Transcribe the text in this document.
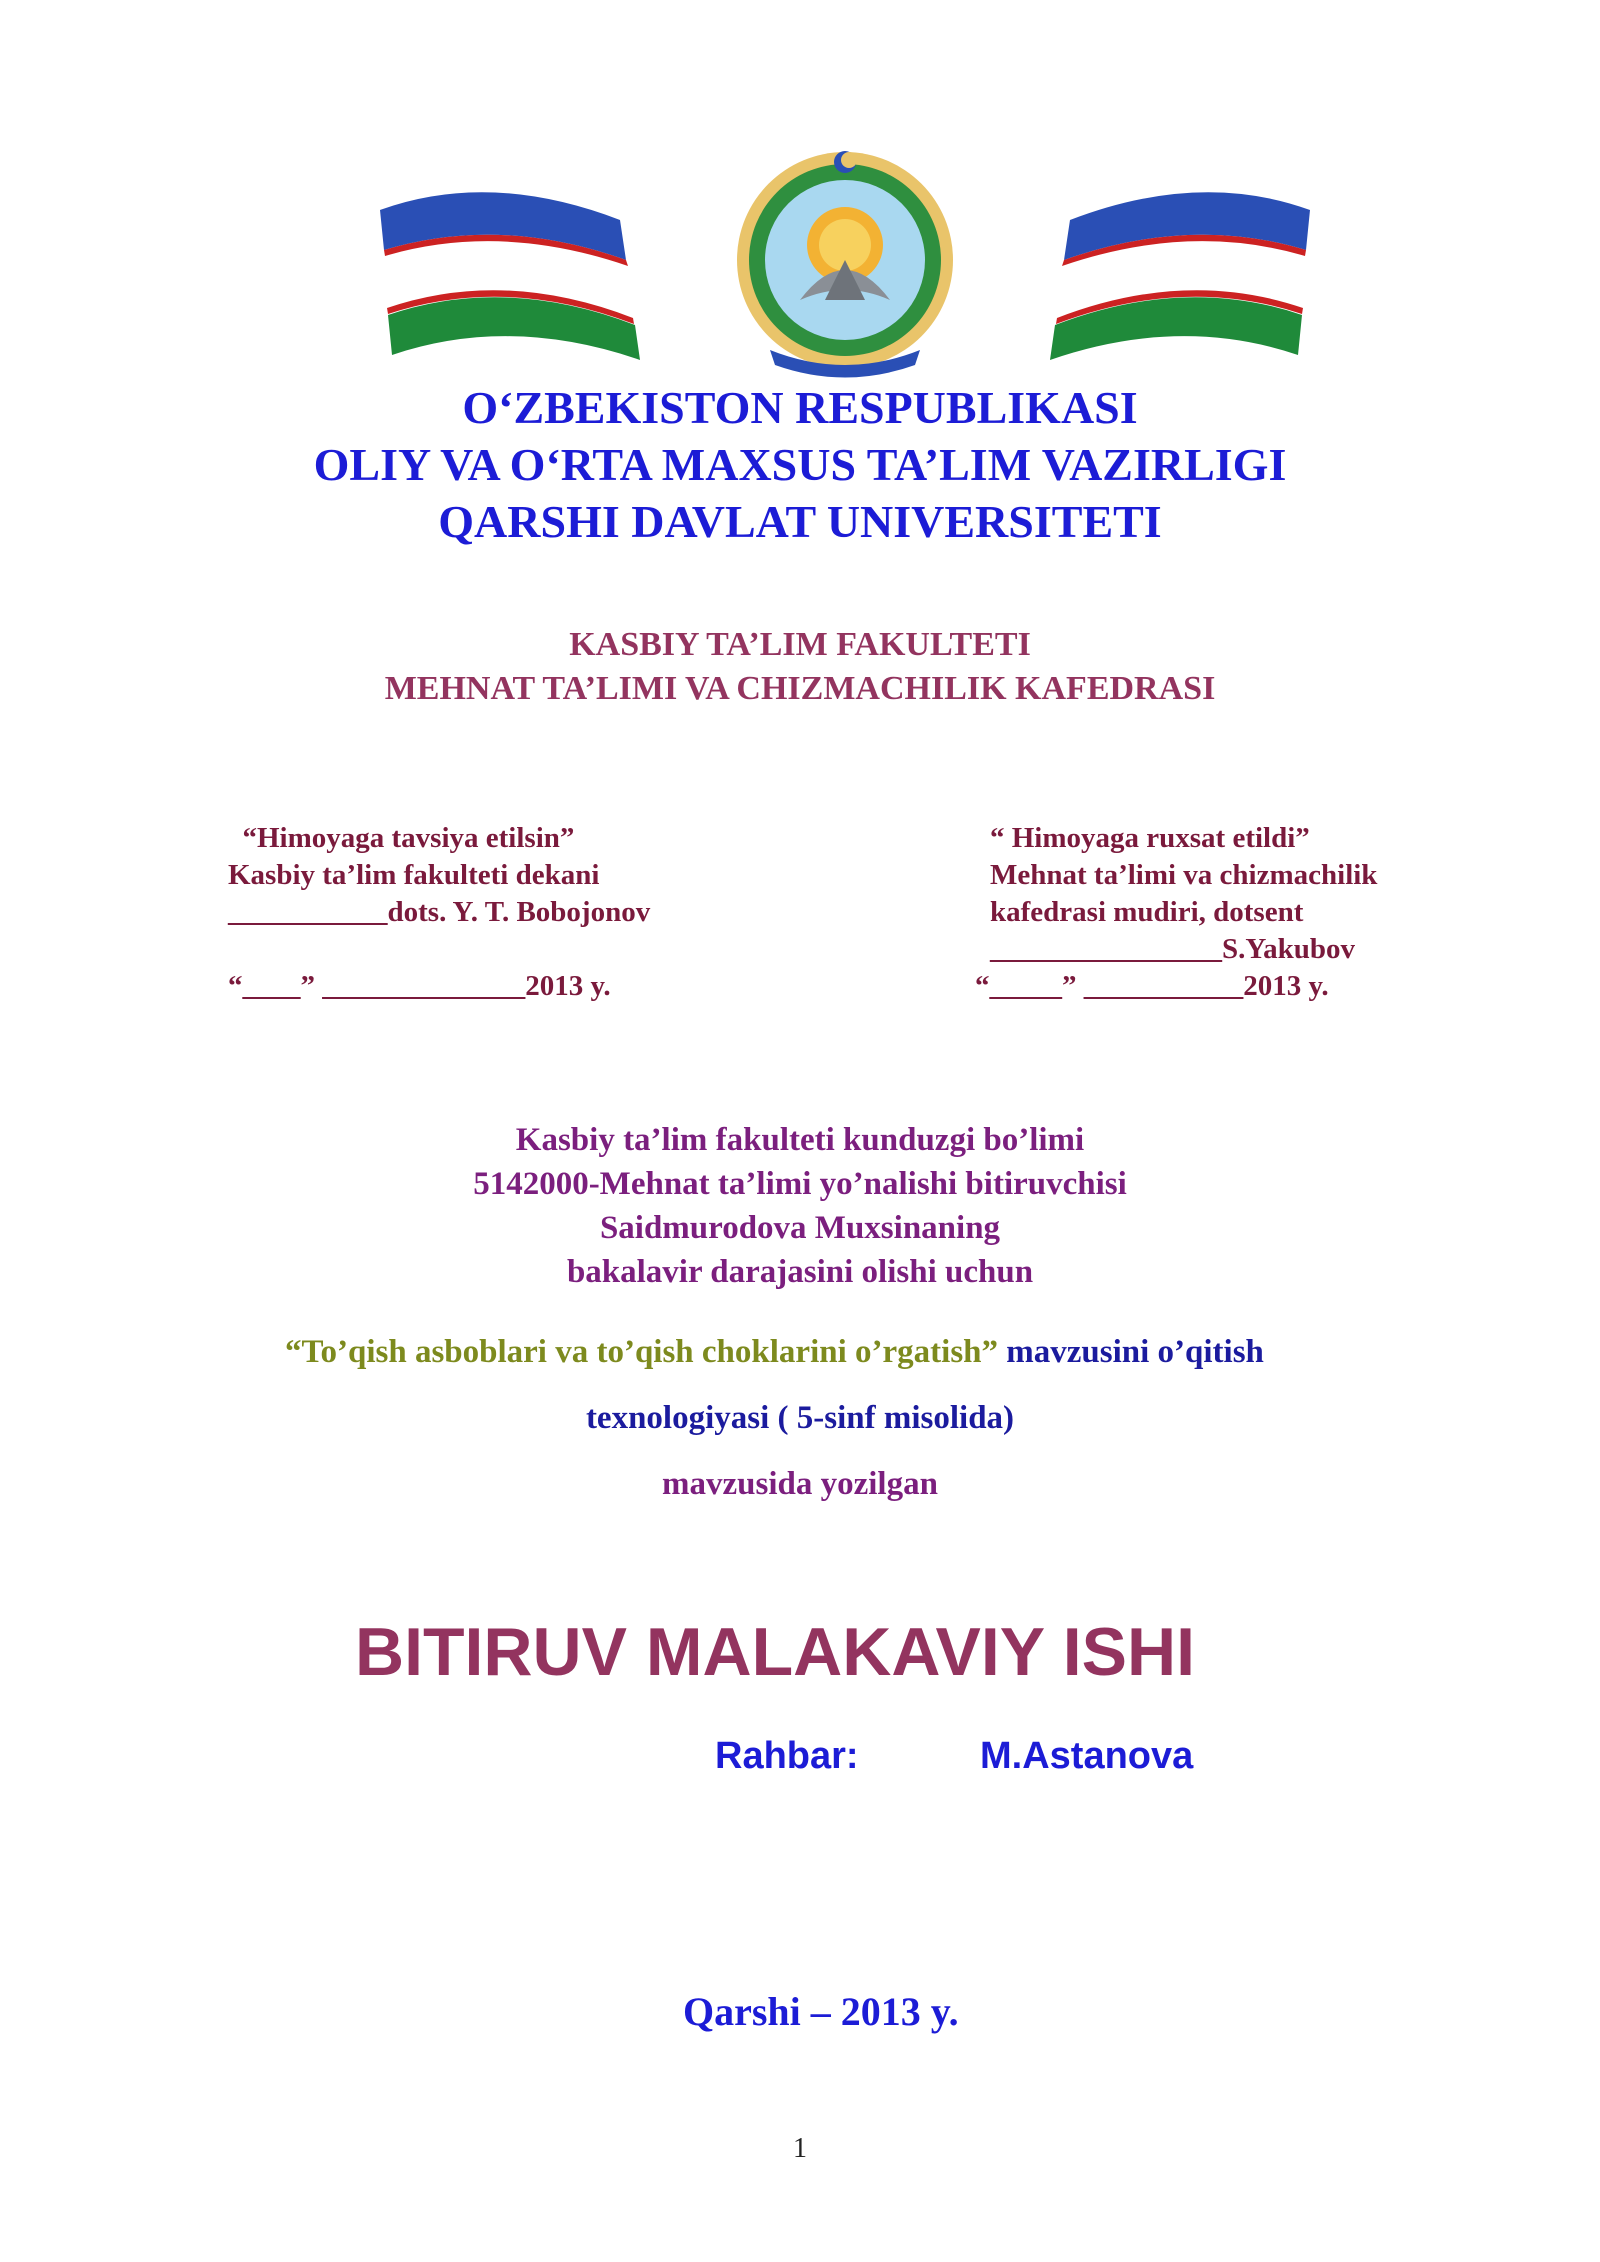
O‘ZBEKISTON RESPUBLIKASI
OLIY VA O‘RTA MAXSUS TA’LIM VAZIRLIGI
QARSHI DAVLAT UNIVERSITETI
KASBIY TA’LIM FAKULTETI
MEHNAT TA’LIMI VA CHIZMACHILIK KAFEDRASI
“Himoyaga tavsiya etilsin”
Kasbiy ta’lim fakulteti dekani
___________dots. Y. T. Bobojonov
“____” ______________2013 y.
“ Himoyaga ruxsat etildi”
Mehnat ta’limi va chizmachilik
kafedrasi mudiri, dotsent
________________S.Yakubov
“_____” ___________2013 y.
Kasbiy ta’lim fakulteti kunduzgi bo’limi
5142000-Mehnat ta’limi yo’nalishi bitiruvchisi
Saidmurodova Muxsinaning
bakalavir darajasini olishi uchun
“To’qish asboblari va to’qish choklarini o’rgatish” mavzusini o’qitish
texnologiyasi ( 5-sinf misolida)
mavzusida yozilgan
BITIRUV MALAKAVIY ISHI
Rahbar:	M.Astanova
Qarshi – 2013 y.
1
